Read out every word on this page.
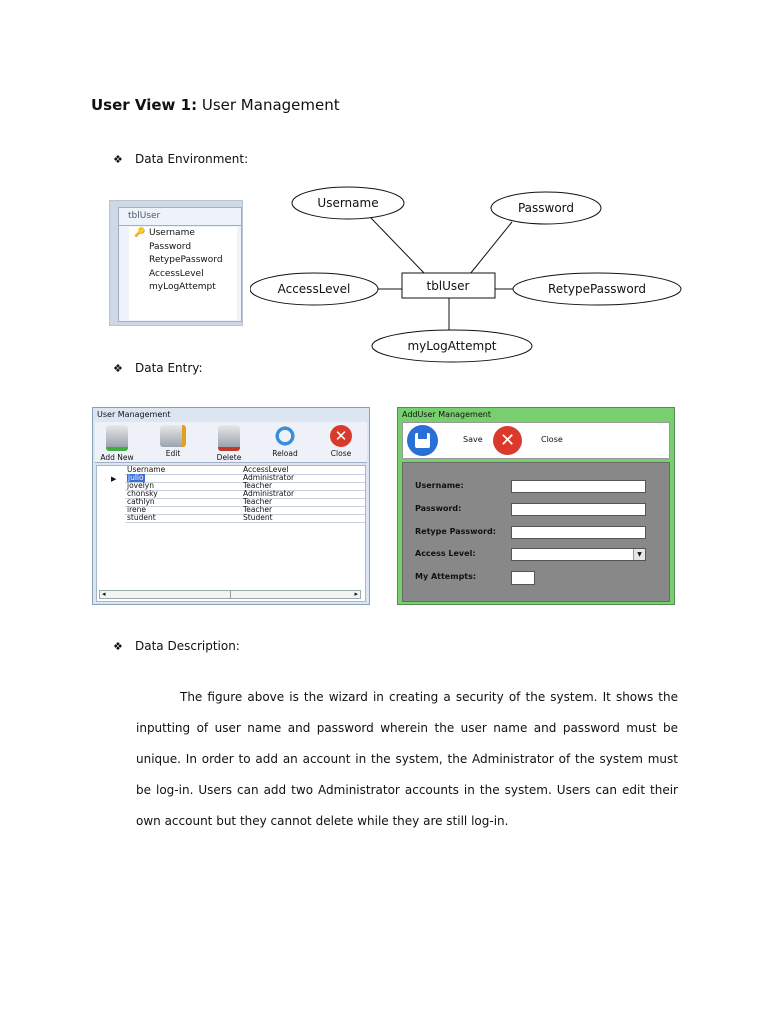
User View 1: User Management
❖	Data Environment:
tblUser
🔑 Username
Password
RetypePassword
AccessLevel
myLogAttempt	tblUser
Username	Password
AccessLevel	RetypePassword
myLogAttempt
❖	Data Entry:
User Management
Add New	Edit	Delete	Reload
✕
Close
Username	AccessLevel
▶ julio	Administrator
jovelyn	Teacher
chonsky	Administrator
cathlyn	Teacher
irene	Teacher
student	Student
◂	▸
AddUser Management
Save ✕	Close
Username:
Password:
Retype Password:
Access Level:	▼
My Attempts:
❖	Data Description:
The figure above is the wizard in creating a security of the system. It shows the inputting of user name and password wherein the user name and password must be unique. In order to add an account in the system, the Administrator of the system must be log-in. Users can add two Administrator accounts in the system. Users can edit their own account but they cannot delete while they are still log-in.
